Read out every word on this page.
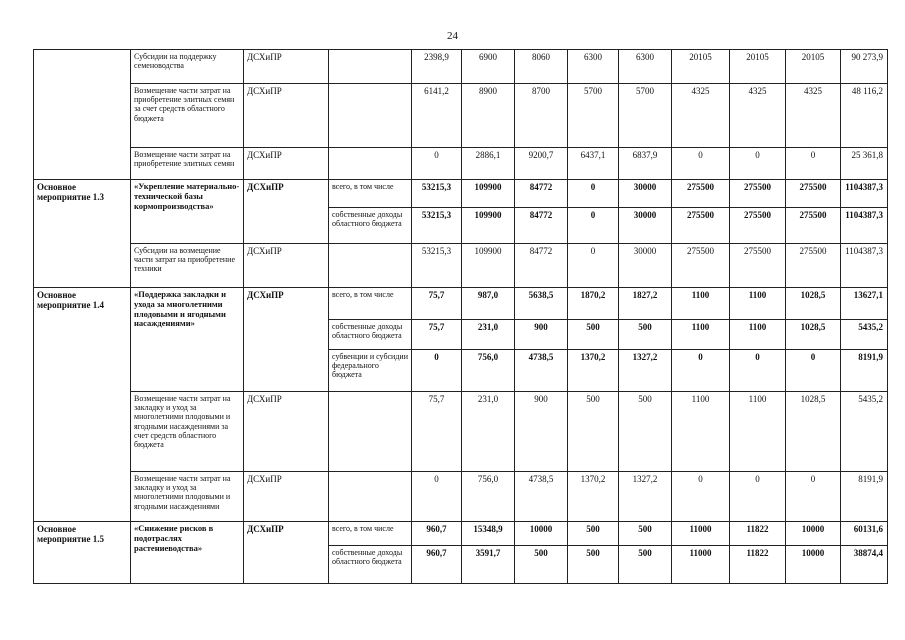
24
	Субсидии на поддержку семеноводства	ДСХиПР		2398,9	6900	8060	6300	6300	20105	20105	20105	90 273,9
	Возмещение части затрат на приобретение элитных семян за счет средств областного бюджета	ДСХиПР		6141,2	8900	8700	5700	5700	4325	4325	4325	48 116,2
	Возмещение части затрат на приобретение элитных семян	ДСХиПР		0	2886,1	9200,7	6437,1	6837,9	0	0	0	25 361,8
Основное мероприятие 1.3	«Укрепление материально-технической базы кормопроизводства»	ДСХиПР	всего, в том числе	53215,3	109900	84772	0	30000	275500	275500	275500	1104387,3
			собственные доходы областного бюджета	53215,3	109900	84772	0	30000	275500	275500	275500	1104387,3
	Субсидии на возмещение части затрат на приобретение техники	ДСХиПР		53215,3	109900	84772	0	30000	275500	275500	275500	1104387,3
Основное мероприятие 1.4	«Поддержка закладки и ухода за многолетними плодовыми и ягодными насаждениями»	ДСХиПР	всего, в том числе	75,7	987,0	5638,5	1870,2	1827,2	1100	1100	1028,5	13627,1
			собственные доходы областного бюджета	75,7	231,0	900	500	500	1100	1100	1028,5	5435,2
			субвенции и субсидии федерального бюджета	0	756,0	4738,5	1370,2	1327,2	0	0	0	8191,9
	Возмещение части затрат на закладку и уход за многолетними плодовыми и ягодными насаждениями за счет средств областного бюджета	ДСХиПР		75,7	231,0	900	500	500	1100	1100	1028,5	5435,2
	Возмещение части затрат на закладку и уход за многолетними плодовыми и ягодными насаждениями	ДСХиПР		0	756,0	4738,5	1370,2	1327,2	0	0	0	8191,9
Основное мероприятие 1.5	«Снижение рисков в подотраслях растениеводства»	ДСХиПР	всего, в том числе	960,7	15348,9	10000	500	500	11000	11822	10000	60131,6
			собственные доходы областного бюджета	960,7	3591,7	500	500	500	11000	11822	10000	38874,4
